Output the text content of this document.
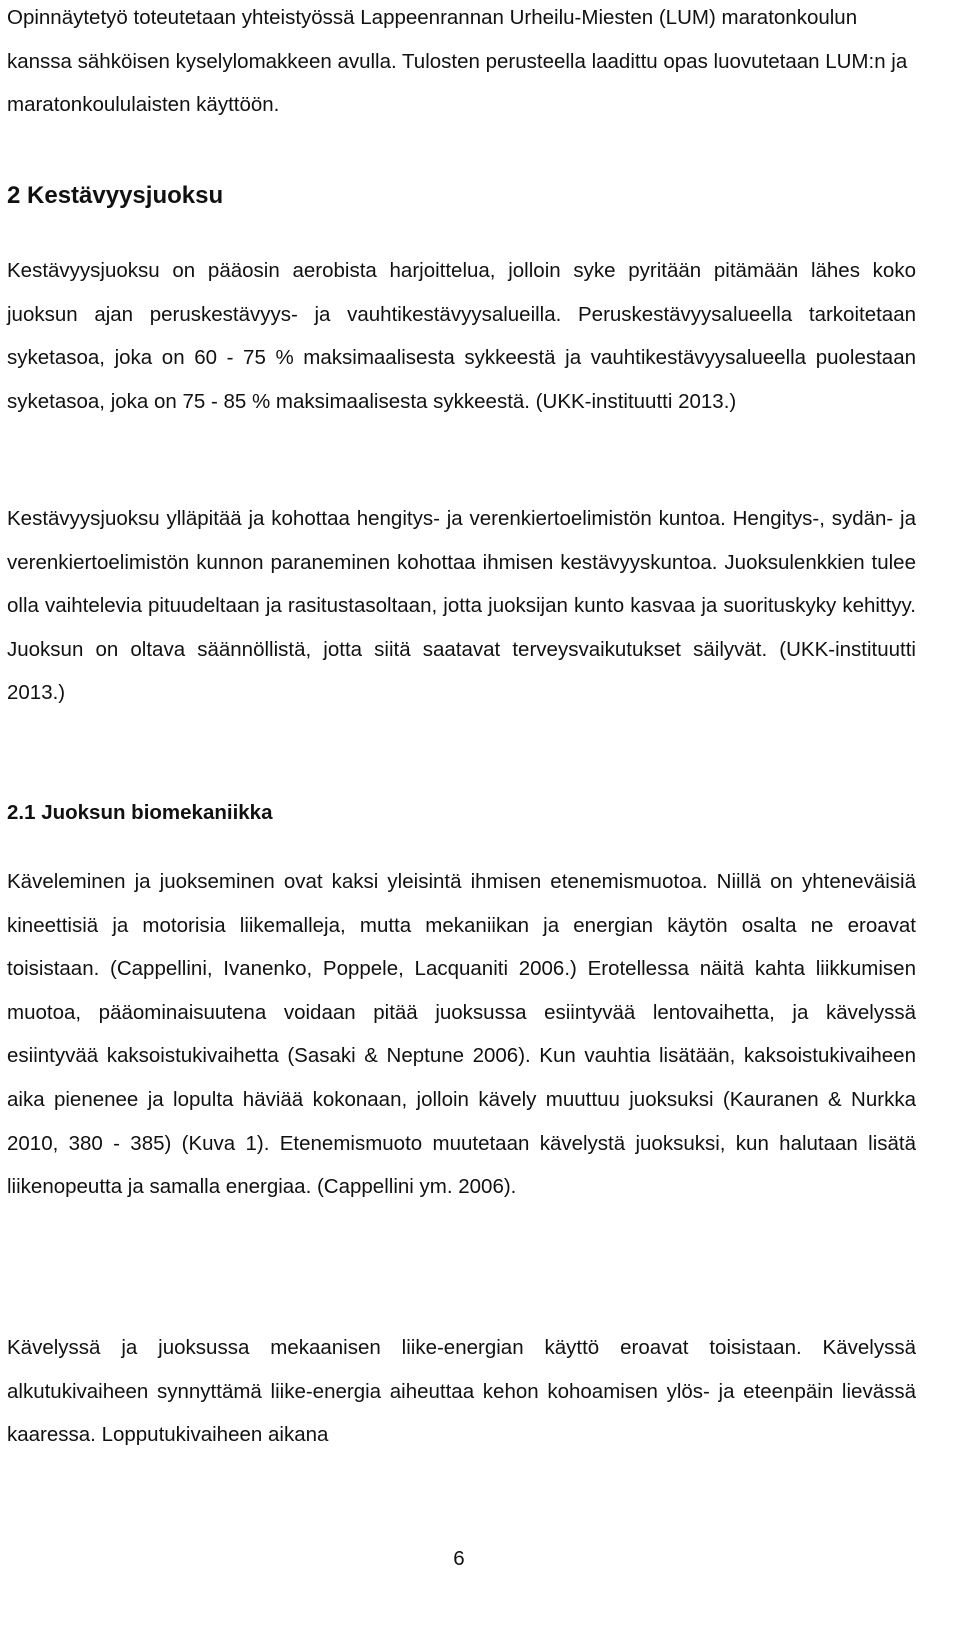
Opinnäytetyö toteutetaan yhteistyössä Lappeenrannan Urheilu-Miesten (LUM) maratonkoulun kanssa sähköisen kyselylomakkeen avulla. Tulosten perusteella laadittu opas luovutetaan LUM:n ja maratonkoululaisten käyttöön.

2 Kestävyysjuoksu

Kestävyysjuoksu on pääosin aerobista harjoittelua, jolloin syke pyritään pitämään lähes koko juoksun ajan peruskestävyys- ja vauhtikestävyysalueilla. Peruskestävyysalueella tarkoitetaan syketasoa, joka on 60 - 75 % maksimaalisesta sykkeestä ja vauhtikestävyysalueella puolestaan syketasoa, joka on 75 - 85 % maksimaalisesta sykkeestä. (UKK-instituutti 2013.)

Kestävyysjuoksu ylläpitää ja kohottaa hengitys- ja verenkiertoelimistön kuntoa. Hengitys-, sydän- ja verenkiertoelimistön kunnon paraneminen kohottaa ihmisen kestävyyskuntoa. Juoksulenkkien tulee olla vaihtelevia pituudeltaan ja rasitustasoltaan, jotta juoksijan kunto kasvaa ja suorituskyky kehittyy. Juoksun on oltava säännöllistä, jotta siitä saatavat terveysvaikutukset säilyvät. (UKK-instituutti 2013.)

2.1 Juoksun biomekaniikka

Käveleminen ja juokseminen ovat kaksi yleisintä ihmisen etenemismuotoa. Niillä on yhteneväisiä kineettisiä ja motorisia liikemalleja, mutta mekaniikan ja energian käytön osalta ne eroavat toisistaan. (Cappellini, Ivanenko, Poppele, Lacquaniti 2006.) Erotellessa näitä kahta liikkumisen muotoa, pääominaisuutena voidaan pitää juoksussa esiintyvää lentovaihetta, ja kävelyssä esiintyvää kaksoistukivaihetta (Sasaki & Neptune 2006). Kun vauhtia lisätään, kaksoistukivaiheen aika pienenee ja lopulta häviää kokonaan, jolloin kävely muuttuu juoksuksi (Kauranen & Nurkka 2010, 380 - 385) (Kuva 1). Etenemismuoto muutetaan kävelystä juoksuksi, kun halutaan lisätä liikenopeutta ja samalla energiaa. (Cappellini ym. 2006).

Kävelyssä ja juoksussa mekaanisen liike-energian käyttö eroavat toisistaan. Kävelyssä alkutukivaiheen synnyttämä liike-energia aiheuttaa kehon kohoamisen ylös- ja eteenpäin lievässä kaaressa. Lopputukivaiheen aikana

6
